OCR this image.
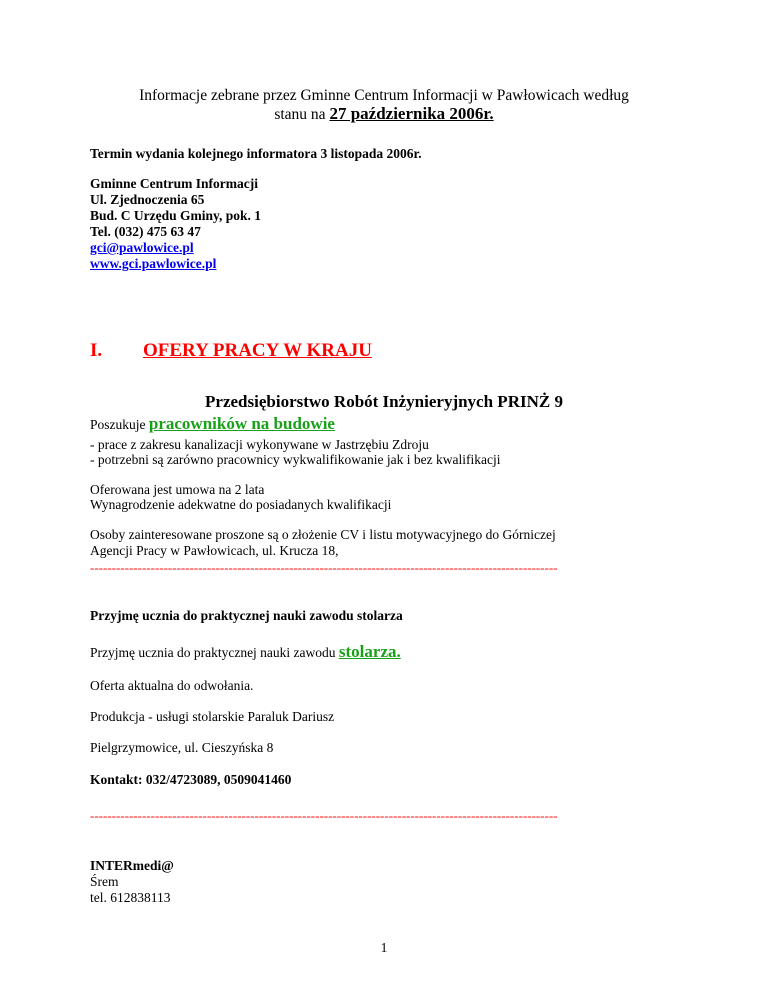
Informacje zebrane przez Gminne Centrum Informacji w Pawłowicach według
stanu na 27 października 2006r.
Termin wydania kolejnego informatora 3 listopada 2006r.
Gminne Centrum Informacji
Ul. Zjednoczenia 65
Bud. C Urzędu Gminy, pok. 1
Tel. (032) 475 63 47
gci@pawlowice.pl
www.gci.pawlowice.pl
I. OFERY PRACY W KRAJU
Przedsiębiorstwo Robót Inżynieryjnych PRINŻ 9
Poszukuje pracowników na budowie
- prace z zakresu kanalizacji wykonywane w Jastrzębiu Zdroju
- potrzebni są zarówno pracownicy wykwalifikowanie jak i bez kwalifikacji
Oferowana jest umowa na 2 lata
Wynagrodzenie adekwatne do posiadanych kwalifikacji
Osoby zainteresowane proszone są o złożenie CV i listu motywacyjnego do Górniczej
Agencji Pracy w Pawłowicach, ul. Krucza 18,
------------------------------------------------------------------------------------------------------------
Przyjmę ucznia do praktycznej nauki zawodu stolarza
Przyjmę ucznia do praktycznej nauki zawodu stolarza.
Oferta aktualna do odwołania.
Produkcja - usługi stolarskie Paraluk Dariusz
Pielgrzymowice, ul. Cieszyńska 8
Kontakt: 032/4723089, 0509041460
------------------------------------------------------------------------------------------------------------
INTERmedi@
Śrem
tel. 612838113
1
